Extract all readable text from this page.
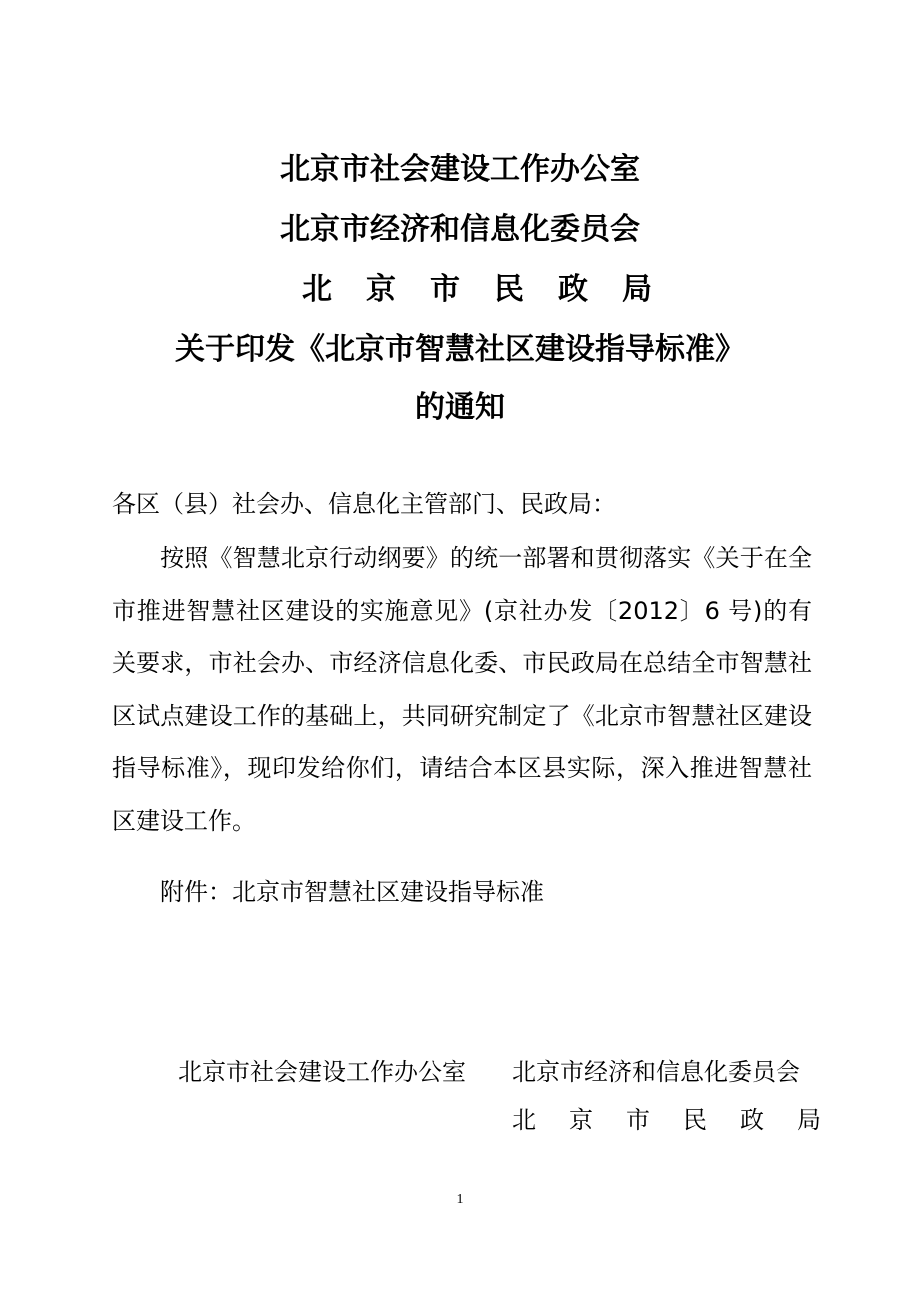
北京市社会建设工作办公室
北京市经济和信息化委员会
北京市民政局
关于印发《北京市智慧社区建设指导标准》
的通知
各区（县）社会办、信息化主管部门、民政局：
按照《智慧北京行动纲要》的统一部署和贯彻落实《关于在全市推进智慧社区建设的实施意见》(京社办发〔2012〕6 号)的有关要求，市社会办、市经济信息化委、市民政局在总结全市智慧社区试点建设工作的基础上，共同研究制定了《北京市智慧社区建设指导标准》，现印发给你们，请结合本区县实际，深入推进智慧社区建设工作。
附件：北京市智慧社区建设指导标准
北京市社会建设工作办公室 北京市经济和信息化委员会
北京市民政局
1
